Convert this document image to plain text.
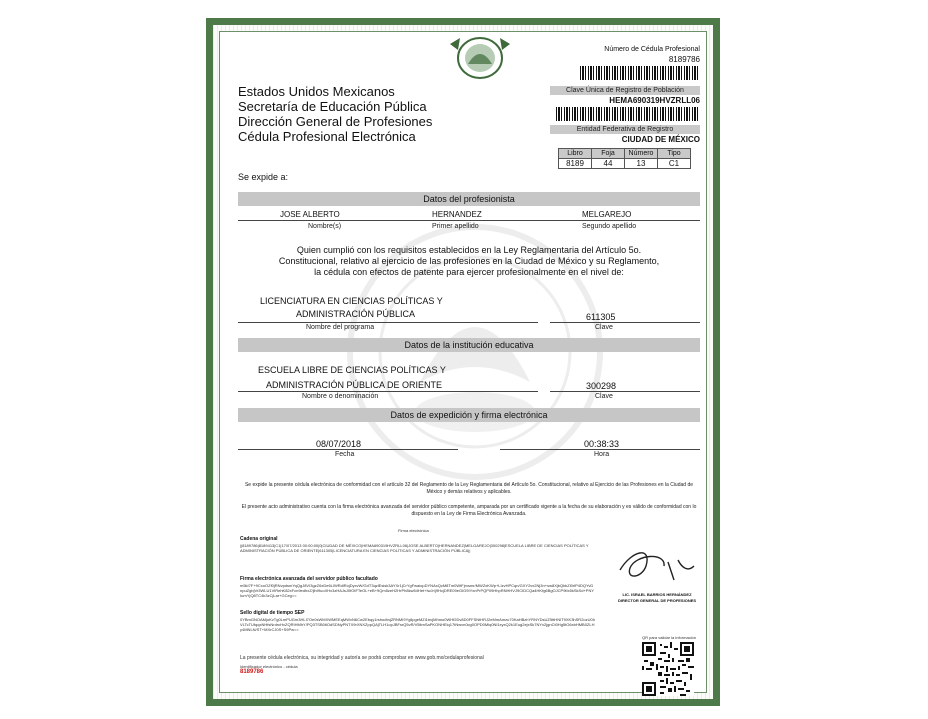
Estados Unidos Mexicanos
Secretaría de Educación Pública
Dirección General de Profesiones
Cédula Profesional Electrónica
Se expide a:
Número de Cédula Profesional
8189786
Clave Única de Registro de Población
HEMA690319HVZRLL06
Entidad Federativa de Registro
CIUDAD DE MÉXICO
Libro	Foja	Número	Tipo
8189	44	13	C1
Datos del profesionista
JOSE ALBERTO	HERNANDEZ	MELGAREJO
Nombre(s)	Primer apellido	Segundo apellido
Quien cumplió con los requisitos establecidos en la Ley Reglamentaria del Artículo 5o.
Constitucional, relativo al ejercicio de las profesiones en la Ciudad de México y su Reglamento,
la cédula con efectos de patente para ejercer profesionalmente en el nivel de:
LICENCIATURA EN CIENCIAS POLÍTICAS Y
ADMINISTRACIÓN PÚBLICA	611305
Nombre del programa	Clave
Datos de la institución educativa
ESCUELA LIBRE DE CIENCIAS POLÍTICAS Y
ADMINISTRACIÓN PÚBLICA DE ORIENTE	300298
Nombre o denominación	Clave
Datos de expedición y firma electrónica
08/07/2018	00:38:33
Fecha	Hora
Se expide la presente cédula electrónica de conformidad con el artículo 32 del Reglamento de la Ley Reglamentaria del Artículo 5o. Constitucional, relativo al Ejercicio de las Profesiones en la Ciudad de México y demás relativos y aplicables.
El presente acto administrativo cuenta con la firma electrónica avanzada del servidor público competente, amparada por un certificado vigente a la fecha de su elaboración y es válido de conformidad con lo dispuesto en la Ley de Firma Electrónica Avanzada.
Firma electrónica
Cadena original
||8189786|8189413|C1|17/07/2013 00:00:00|0|CIUDAD DE MÉXICO|HEMA690319HVZRLL06|JOSE ALBERTO|HERNANDEZ|MELGAREJO|300298|ESCUELA LIBRE DE CIENCIAS POLÍTICAS Y ADMINISTRACIÓN PÚBLICA DE ORIENTE|611305|LICENCIATURA EN CIENCIAS POLÍTICAS Y ADMINISTRACIÓN PÚBLICA||
Firma electrónica avanzada del servidor público facultado
m5kI7F+9CxoOZf0jRNvpdsmYqQgJ8VI3gzZ6xDe6LIWRdlRojDyxvW/GdT3qzlEsisk3AYXr1jCrYgFwaiopDYNAxQcM8Tm0WtFjrvsmr/MWZxKWp+LIzvHPCqn/GXY2vx2Nj3n+sw8XjbQbkZl0rlP4DQYvDnpuZgbjVr3WLU1VlRehK82xFcn9edhxZ/jlhI9uoXHx3zHAJsJ0fOtFTeOL+eB+9Qm5zeH2HrPh8kw54Het+IwJr/j9HcjDRE09eGIG9IYxnPrPQP09HhpRNHHVJ9CIDCQa4HKfg6BgOJCP9tIx5kSkSd+PNYIurnYjQ8TC4k3zCjLar+GCeg==
Sello digital de tiempo SEP
0YBmGNOAMjoKvTg0LmPUGm3HLI7Oe0sWMXWMEEqMWvN6Cw2Ebqy1rshodtnjZRNMI9YgllpgeMZi1trcjMhmo0WHf2Dv8D0FFSNtHRJ2eMmAmzu70KaHBzhYRNYDsUZ5ttHNIT9XK3hSR2ozU0hVLTcTUfqqxNHfsNrdrcHxZQRIHMhY/PQ3TSB0tiOdSDNyPNTX9rXNXZppQAjTLH1opJBFsrQ5vR/V5ltmSaPKONHEiq17tNwvn0cg0OPD0Mlq0Nl1xyxQ2k1Eug2ejxSk7NYx2jgnCt0Hg5tO6xbHMB0ZLHy4MNLN/ST+MXrCJ0S+S9Pw==
La presente cédula electrónica, su integridad y autoría se podrá comprobar en www.gob.mx/cedulaprofesional
Identificador electrónico - cédula
8189786
LIC. ISRAEL BARRIOS HERNÁNDEZ
DIRECTOR GENERAL DE PROFESIONES
QR para validar la información
